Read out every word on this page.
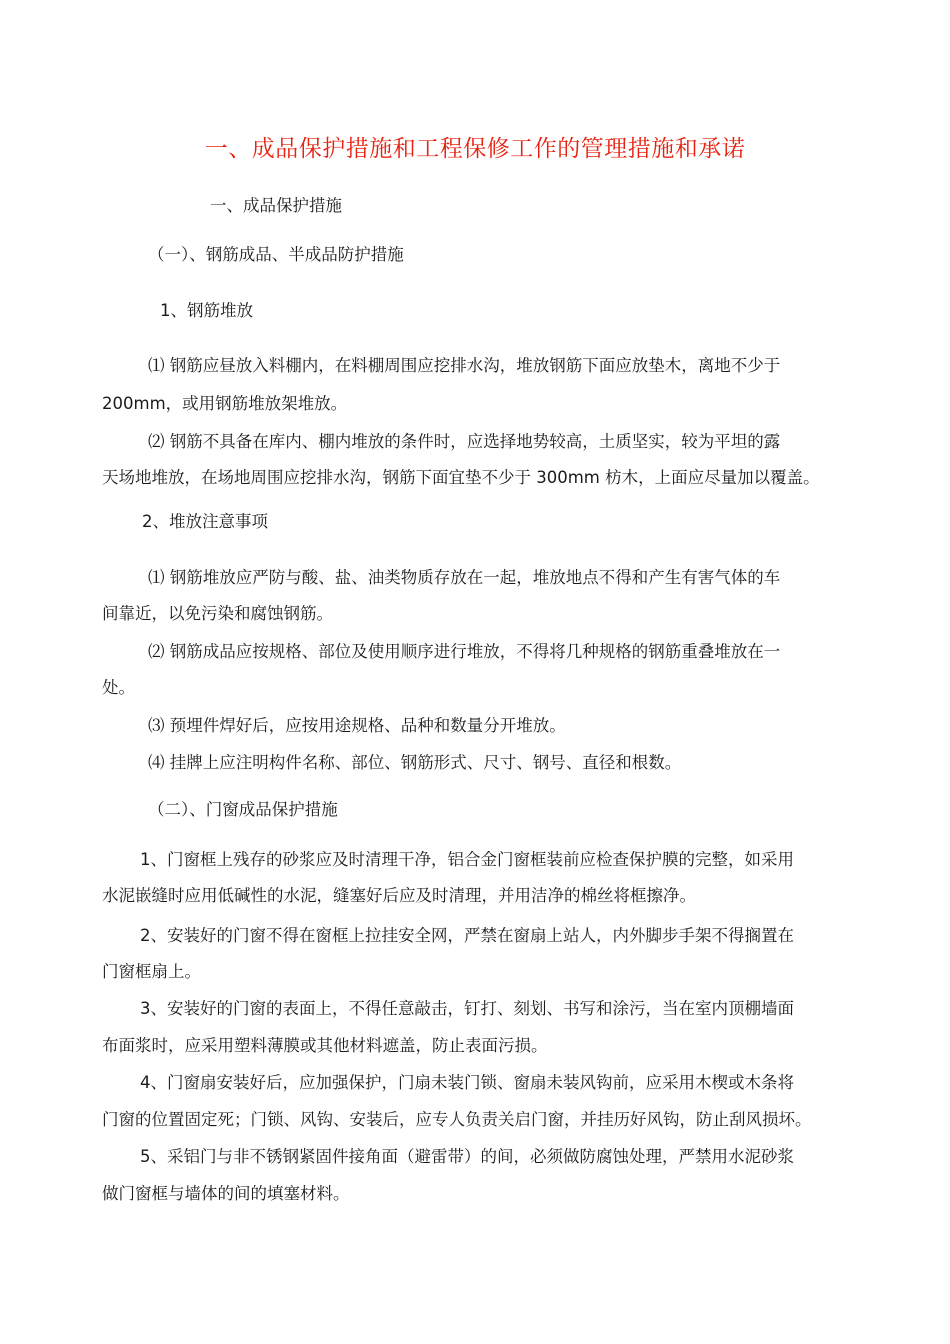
一、成品保护措施和工程保修工作的管理措施和承诺

一、成品保护措施

（一）、钢筋成品、半成品防护措施

1、钢筋堆放

⑴ 钢筋应昼放入料棚内，在料棚周围应挖排水沟，堆放钢筋下面应放垫木，离地不少于

200mm，或用钢筋堆放架堆放。

⑵ 钢筋不具备在库内、棚内堆放的条件时，应选择地势较高，土质坚实，较为平坦的露

天场地堆放，在场地周围应挖排水沟，钢筋下面宜垫不少于 300mm 枋木，上面应尽量加以覆盖。

2、堆放注意事项

⑴ 钢筋堆放应严防与酸、盐、油类物质存放在一起，堆放地点不得和产生有害气体的车

间靠近，以免污染和腐蚀钢筋。

⑵ 钢筋成品应按规格、部位及使用顺序进行堆放，不得将几种规格的钢筋重叠堆放在一

处。

⑶ 预埋件焊好后，应按用途规格、品种和数量分开堆放。

⑷ 挂牌上应注明构件名称、部位、钢筋形式、尺寸、钢号、直径和根数。

（二）、门窗成品保护措施

1、门窗框上残存的砂浆应及时清理干净，铝合金门窗框装前应检查保护膜的完整，如采用

水泥嵌缝时应用低碱性的水泥，缝塞好后应及时清理，并用洁净的棉丝将框擦净。

2、安装好的门窗不得在窗框上拉挂安全网，严禁在窗扇上站人，内外脚步手架不得搁置在

门窗框扇上。

3、安装好的门窗的表面上，不得任意敲击，钉打、刻划、书写和涂污，当在室内顶棚墙面

布面浆时，应采用塑料薄膜或其他材料遮盖，防止表面污损。

4、门窗扇安装好后，应加强保护，门扇未装门锁、窗扇未装风钩前，应采用木楔或木条将

门窗的位置固定死；门锁、风钩、安装后，应专人负责关启门窗，并挂历好风钩，防止刮风损坏。

5、采铝门与非不锈钢紧固件接角面（避雷带）的间，必须做防腐蚀处理，严禁用水泥砂浆

做门窗框与墙体的间的填塞材料。
